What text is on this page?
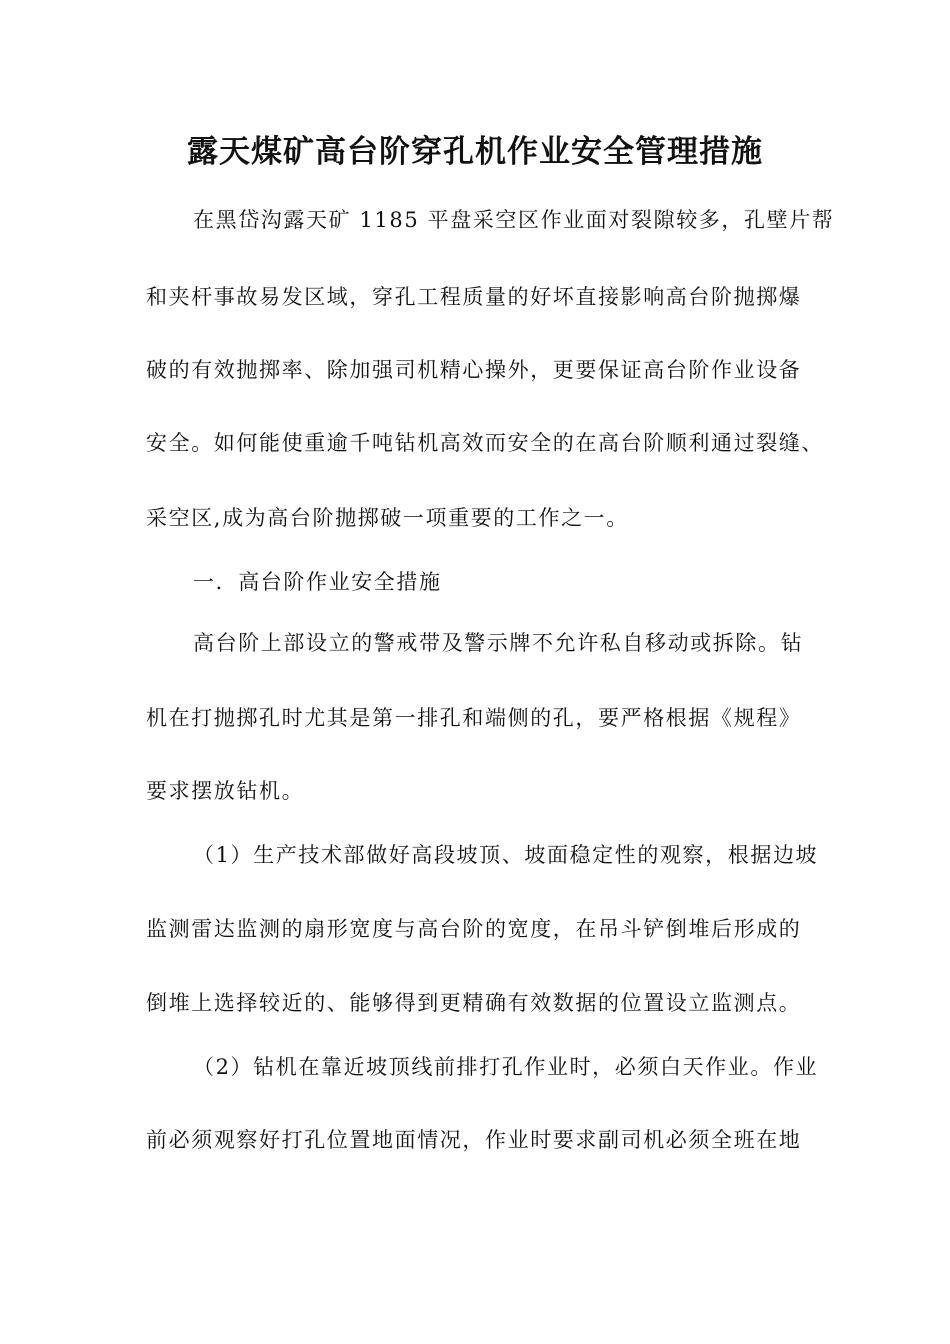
露天煤矿高台阶穿孔机作业安全管理措施
在黑岱沟露天矿 1185 平盘采空区作业面对裂隙较多，孔壁片帮
和夹杆事故易发区域，穿孔工程质量的好坏直接影响高台阶抛掷爆
破的有效抛掷率、除加强司机精心操外，更要保证高台阶作业设备
安全。如何能使重逾千吨钻机高效而安全的在高台阶顺利通过裂缝、
采空区,成为高台阶抛掷破一项重要的工作之一。
一．高台阶作业安全措施
高台阶上部设立的警戒带及警示牌不允许私自移动或拆除。钻
机在打抛掷孔时尤其是第一排孔和端侧的孔，要严格根据《规程》
要求摆放钻机。
（1）生产技术部做好高段坡顶、坡面稳定性的观察，根据边坡
监测雷达监测的扇形宽度与高台阶的宽度，在吊斗铲倒堆后形成的
倒堆上选择较近的、能够得到更精确有效数据的位置设立监测点。
（2）钻机在靠近坡顶线前排打孔作业时，必须白天作业。作业
前必须观察好打孔位置地面情况，作业时要求副司机必须全班在地
